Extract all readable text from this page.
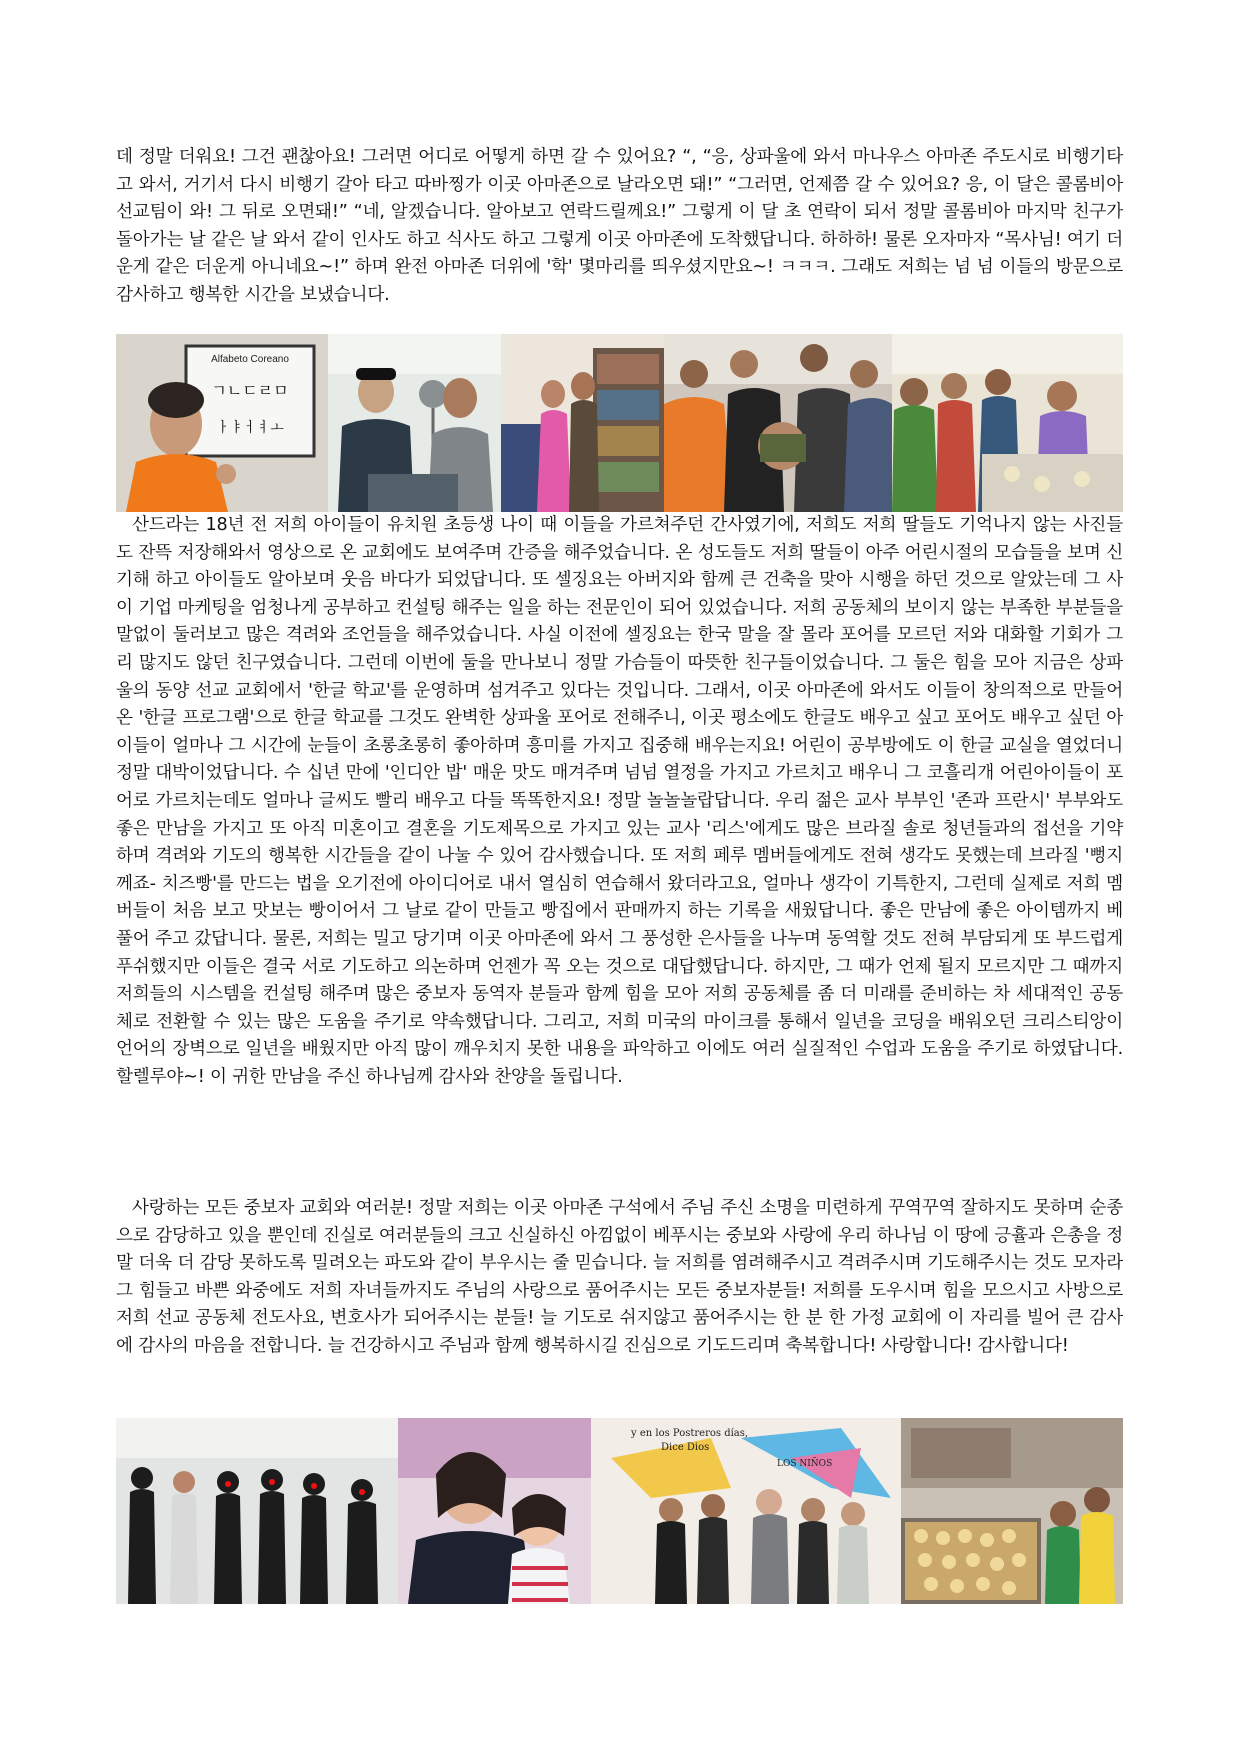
데 정말 더워요! 그건 괜찮아요! 그러면 어디로 어떻게 하면 갈 수 있어요? “, “응, 상파울에 와서 마나우스 아마존 주도시로 비행기타고 와서, 거기서 다시 비행기 갈아 타고 따바찡가 이곳 아마존으로 날라오면 돼!” “그러면, 언제쯤 갈 수 있어요? 응, 이 달은 콜롬비아 선교팀이 와! 그 뒤로 오면돼!” “네, 알겠습니다. 알아보고 연락드릴께요!” 그렇게 이 달 초 연락이 되서 정말 콜롬비아 마지막 친구가 돌아가는 날 같은 날 와서 같이 인사도 하고 식사도 하고 그렇게 이곳 아마존에 도착했답니다. 하하하! 물론 오자마자 “목사님! 여기 더운게 같은 더운게 아니네요~!” 하며 완전 아마존 더위에 '학' 몇마리를 띄우셨지만요~! ㅋㅋㅋ. 그래도 저희는 넘 넘 이들의 방문으로 감사하고 행복한 시간을 보냈습니다.
Alfabeto Coreano
ㄱㄴㄷㄹㅁ
ㅏㅑㅓㅕㅗ
산드라는 18년 전 저희 아이들이 유치원 초등생 나이 때 이들을 가르쳐주던 간사였기에, 저희도 저희 딸들도 기억나지 않는 사진들도 잔뜩 저장해와서 영상으로 온 교회에도 보여주며 간증을 해주었습니다. 온 성도들도 저희 딸들이 아주 어린시절의 모습들을 보며 신기해 하고 아이들도 알아보며 웃음 바다가 되었답니다. 또 셀징요는 아버지와 함께 큰 건축을 맞아 시행을 하던 것으로 알았는데 그 사이 기업 마케팅을 엄청나게 공부하고 컨설팅 해주는 일을 하는 전문인이 되어 있었습니다. 저희 공동체의 보이지 않는 부족한 부분들을 말없이 둘러보고 많은 격려와 조언들을 해주었습니다. 사실 이전에 셀징요는 한국 말을 잘 몰라 포어를 모르던 저와 대화할 기회가 그리 많지도 않던 친구였습니다. 그런데 이번에 둘을 만나보니 정말 가슴들이 따뜻한 친구들이었습니다. 그 둘은 힘을 모아 지금은 상파울의 동양 선교 교회에서 '한글 학교'를 운영하며 섬겨주고 있다는 것입니다. 그래서, 이곳 아마존에 와서도 이들이 창의적으로 만들어 온 '한글 프로그램'으로 한글 학교를 그것도 완벽한 상파울 포어로 전해주니, 이곳 평소에도 한글도 배우고 싶고 포어도 배우고 싶던 아이들이 얼마나 그 시간에 눈들이 초롱초롱히 좋아하며 흥미를 가지고 집중해 배우는지요! 어린이 공부방에도 이 한글 교실을 열었더니 정말 대박이었답니다. 수 십년 만에 '인디안 밥' 매운 맛도 매겨주며 넘넘 열정을 가지고 가르치고 배우니 그 코흘리개 어린아이들이 포어로 가르치는데도 얼마나 글씨도 빨리 배우고 다들 똑똑한지요! 정말 놀놀놀랍답니다. 우리 젊은 교사 부부인 '존과 프란시' 부부와도 좋은 만남을 가지고 또 아직 미혼이고 결혼을 기도제목으로 가지고 있는 교사 '리스'에게도 많은 브라질 솔로 청년들과의 접선을 기약하며 격려와 기도의 행복한 시간들을 같이 나눌 수 있어 감사했습니다. 또 저희 페루 멤버들에게도 전혀 생각도 못했는데 브라질 '뻥지께죠- 치즈빵'를 만드는 법을 오기전에 아이디어로 내서 열심히 연습해서 왔더라고요, 얼마나 생각이 기특한지, 그런데 실제로 저희 멤버들이 처음 보고 맛보는 빵이어서 그 날로 같이 만들고 빵집에서 판매까지 하는 기록을 새웠답니다. 좋은 만남에 좋은 아이템까지 베풀어 주고 갔답니다. 물론, 저희는 밀고 당기며 이곳 아마존에 와서 그 풍성한 은사들을 나누며 동역할 것도 전혀 부담되게 또 부드럽게 푸쉬했지만 이들은 결국 서로 기도하고 의논하며 언젠가 꼭 오는 것으로 대답했답니다. 하지만, 그 때가 언제 될지 모르지만 그 때까지 저희들의 시스템을 컨설팅 해주며 많은 중보자 동역자 분들과 함께 힘을 모아 저희 공동체를 좀 더 미래를 준비하는 차 세대적인 공동체로 전환할 수 있는 많은 도움을 주기로 약속했답니다. 그리고, 저희 미국의 마이크를 통해서 일년을 코딩을 배워오던 크리스티앙이 언어의 장벽으로 일년을 배웠지만 아직 많이 깨우치지 못한 내용을 파악하고 이에도 여러 실질적인 수업과 도움을 주기로 하였답니다. 할렐루야~! 이 귀한 만남을 주신 하나님께 감사와 찬양을 돌립니다.
사랑하는 모든 중보자 교회와 여러분! 정말 저희는 이곳 아마존 구석에서 주님 주신 소명을 미련하게 꾸역꾸역 잘하지도 못하며 순종으로 감당하고 있을 뿐인데 진실로 여러분들의 크고 신실하신 아낌없이 베푸시는 중보와 사랑에 우리 하나님 이 땅에 긍휼과 은총을 정말 더욱 더 감당 못하도록 밀려오는 파도와 같이 부우시는 줄 믿습니다. 늘 저희를 염려해주시고 격려주시며 기도해주시는 것도 모자라 그 힘들고 바쁜 와중에도 저희 자녀들까지도 주님의 사랑으로 품어주시는 모든 중보자분들! 저희를 도우시며 힘을 모으시고 사방으로 저희 선교 공동체 전도사요, 변호사가 되어주시는 분들! 늘 기도로 쉬지않고 품어주시는 한 분 한 가정 교회에 이 자리를 빌어 큰 감사에 감사의 마음을 전합니다. 늘 건강하시고 주님과 함께 행복하시길 진심으로 기도드리며 축복합니다! 사랑합니다! 감사합니다!
y en los Postreros días,
Dice Dios
LOS NIÑOS
